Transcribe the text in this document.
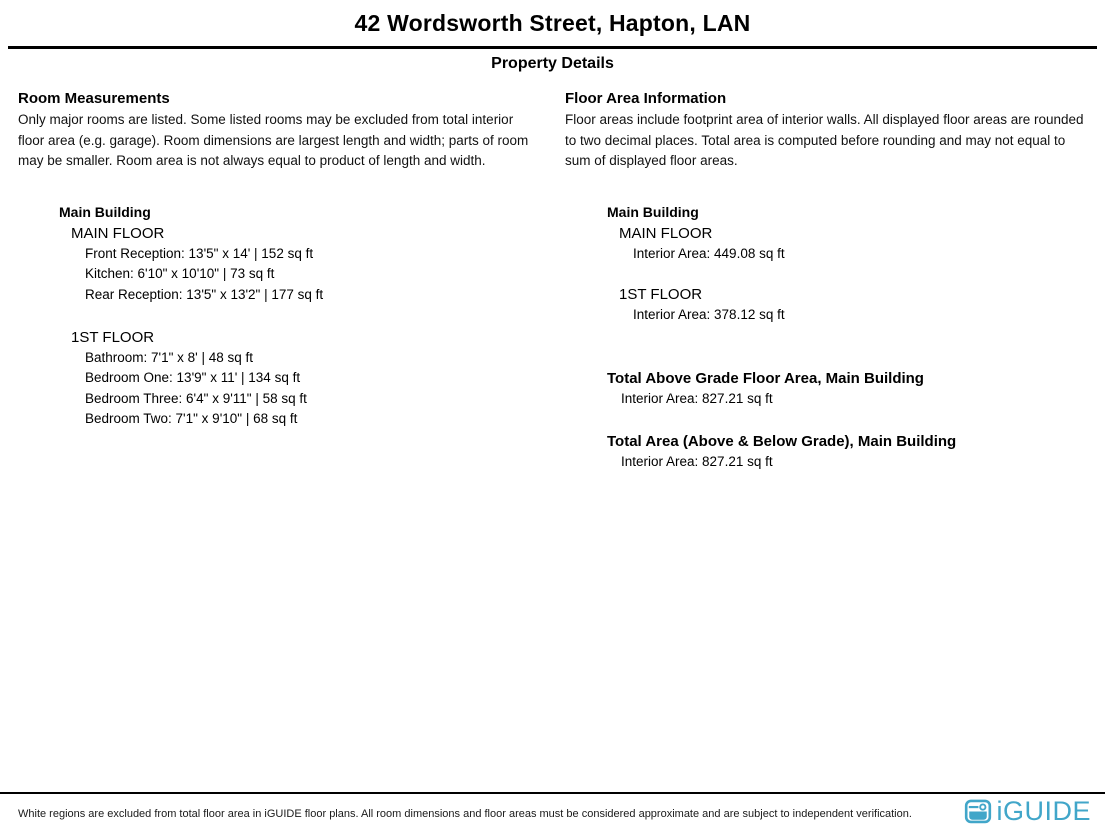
42 Wordsworth Street, Hapton, LAN
Property Details
Room Measurements
Only major rooms are listed. Some listed rooms may be excluded from total interior floor area (e.g. garage). Room dimensions are largest length and width; parts of room may be smaller. Room area is not always equal to product of length and width.
Main Building
MAIN FLOOR
Front Reception: 13'5" x 14' | 152 sq ft
Kitchen: 6'10" x 10'10" | 73 sq ft
Rear Reception: 13'5" x 13'2" | 177 sq ft
1ST FLOOR
Bathroom: 7'1" x 8' | 48 sq ft
Bedroom One: 13'9" x 11' | 134 sq ft
Bedroom Three: 6'4" x 9'11" | 58 sq ft
Bedroom Two: 7'1" x 9'10" | 68 sq ft
Floor Area Information
Floor areas include footprint area of interior walls. All displayed floor areas are rounded to two decimal places. Total area is computed before rounding and may not equal to sum of displayed floor areas.
Main Building
MAIN FLOOR
Interior Area: 449.08 sq ft
1ST FLOOR
Interior Area: 378.12 sq ft
Total Above Grade Floor Area, Main Building
Interior Area: 827.21 sq ft
Total Area (Above & Below Grade), Main Building
Interior Area: 827.21 sq ft
White regions are excluded from total floor area in iGUIDE floor plans. All room dimensions and floor areas must be considered approximate and are subject to independent verification.	iGUIDE
